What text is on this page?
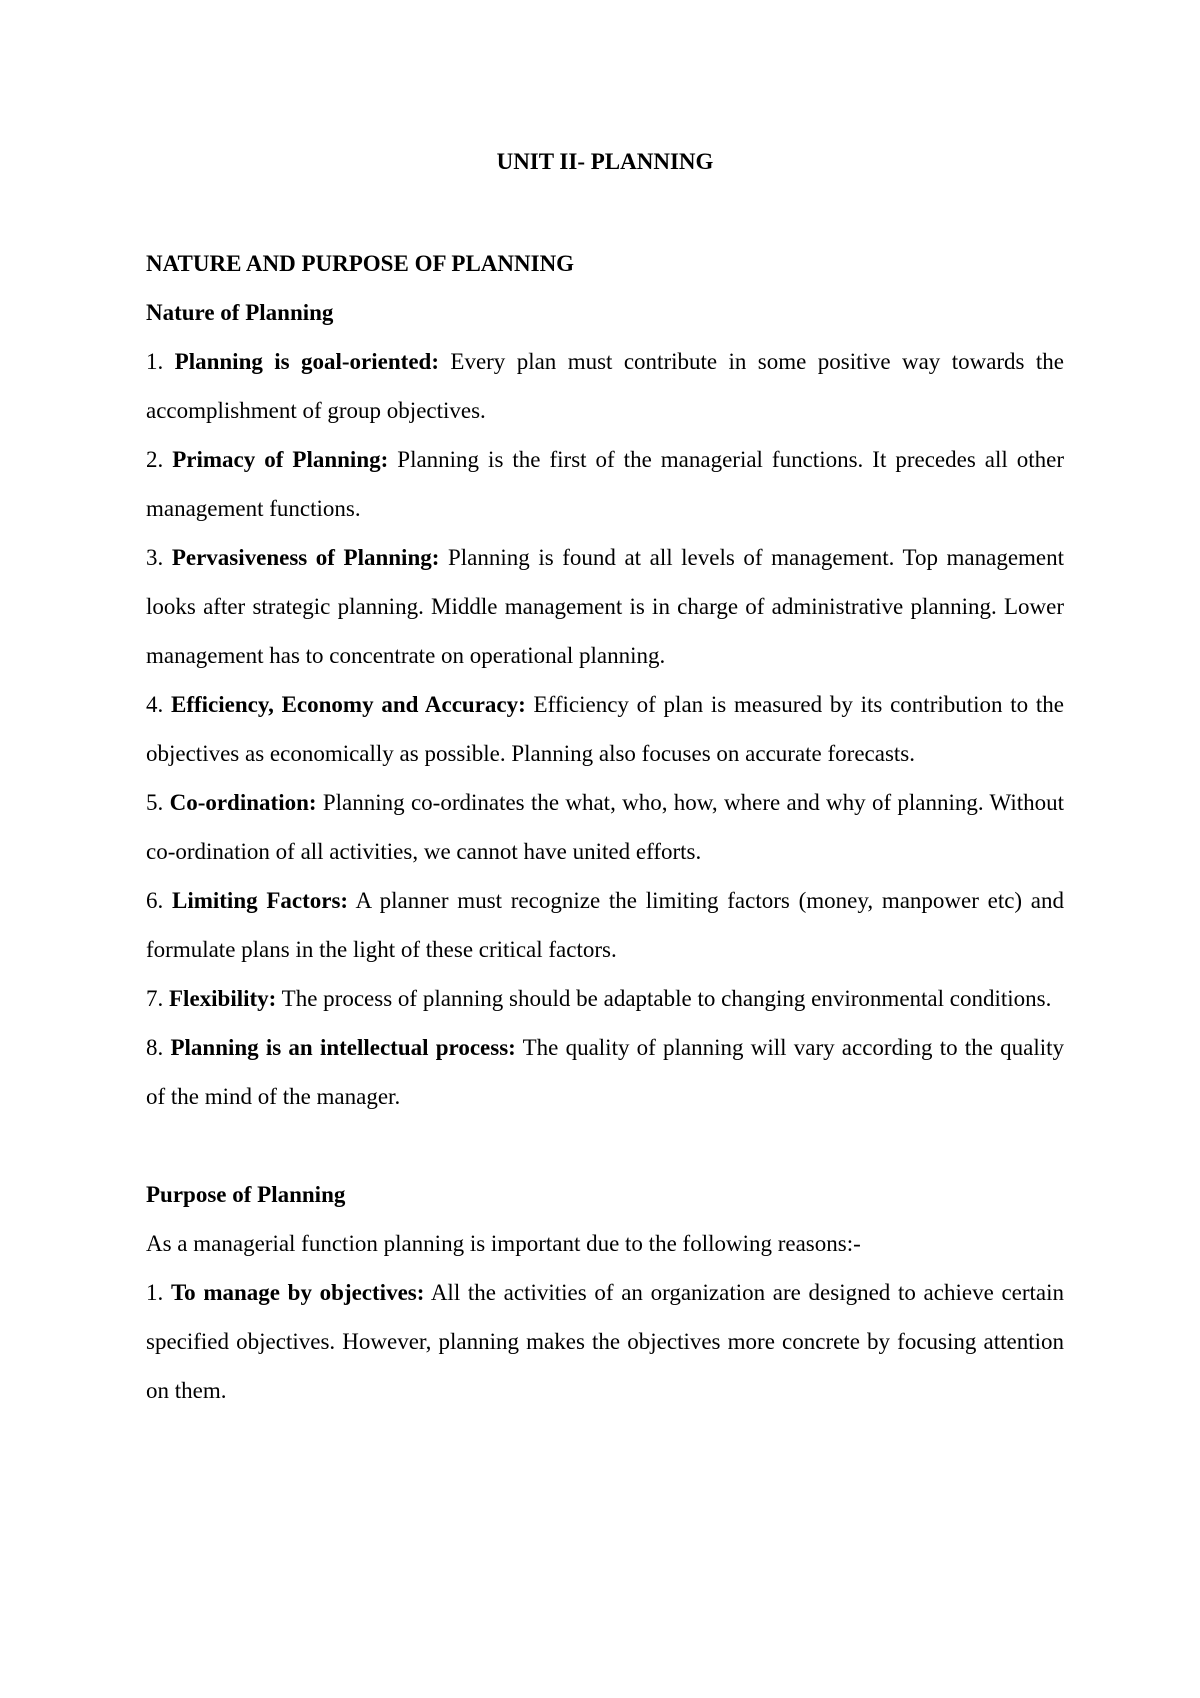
UNIT II- PLANNING
NATURE AND PURPOSE OF PLANNING
Nature of Planning

1. Planning is goal-oriented: Every plan must contribute in some positive way towards the accomplishment of group objectives.

2. Primacy of Planning: Planning is the first of the managerial functions. It precedes all other management functions.

3. Pervasiveness of Planning: Planning is found at all levels of management. Top management looks after strategic planning. Middle management is in charge of administrative planning. Lower management has to concentrate on operational planning.

4. Efficiency, Economy and Accuracy: Efficiency of plan is measured by its contribution to the objectives as economically as possible. Planning also focuses on accurate forecasts.

5. Co-ordination: Planning co-ordinates the what, who, how, where and why of planning. Without co-ordination of all activities, we cannot have united efforts.

6. Limiting Factors: A planner must recognize the limiting factors (money, manpower etc) and formulate plans in the light of these critical factors.

7. Flexibility: The process of planning should be adaptable to changing environmental conditions.

8. Planning is an intellectual process: The quality of planning will vary according to the quality of the mind of the manager.

Purpose of Planning

As a managerial function planning is important due to the following reasons:-

1. To manage by objectives: All the activities of an organization are designed to achieve certain specified objectives. However, planning makes the objectives more concrete by focusing attention on them.
